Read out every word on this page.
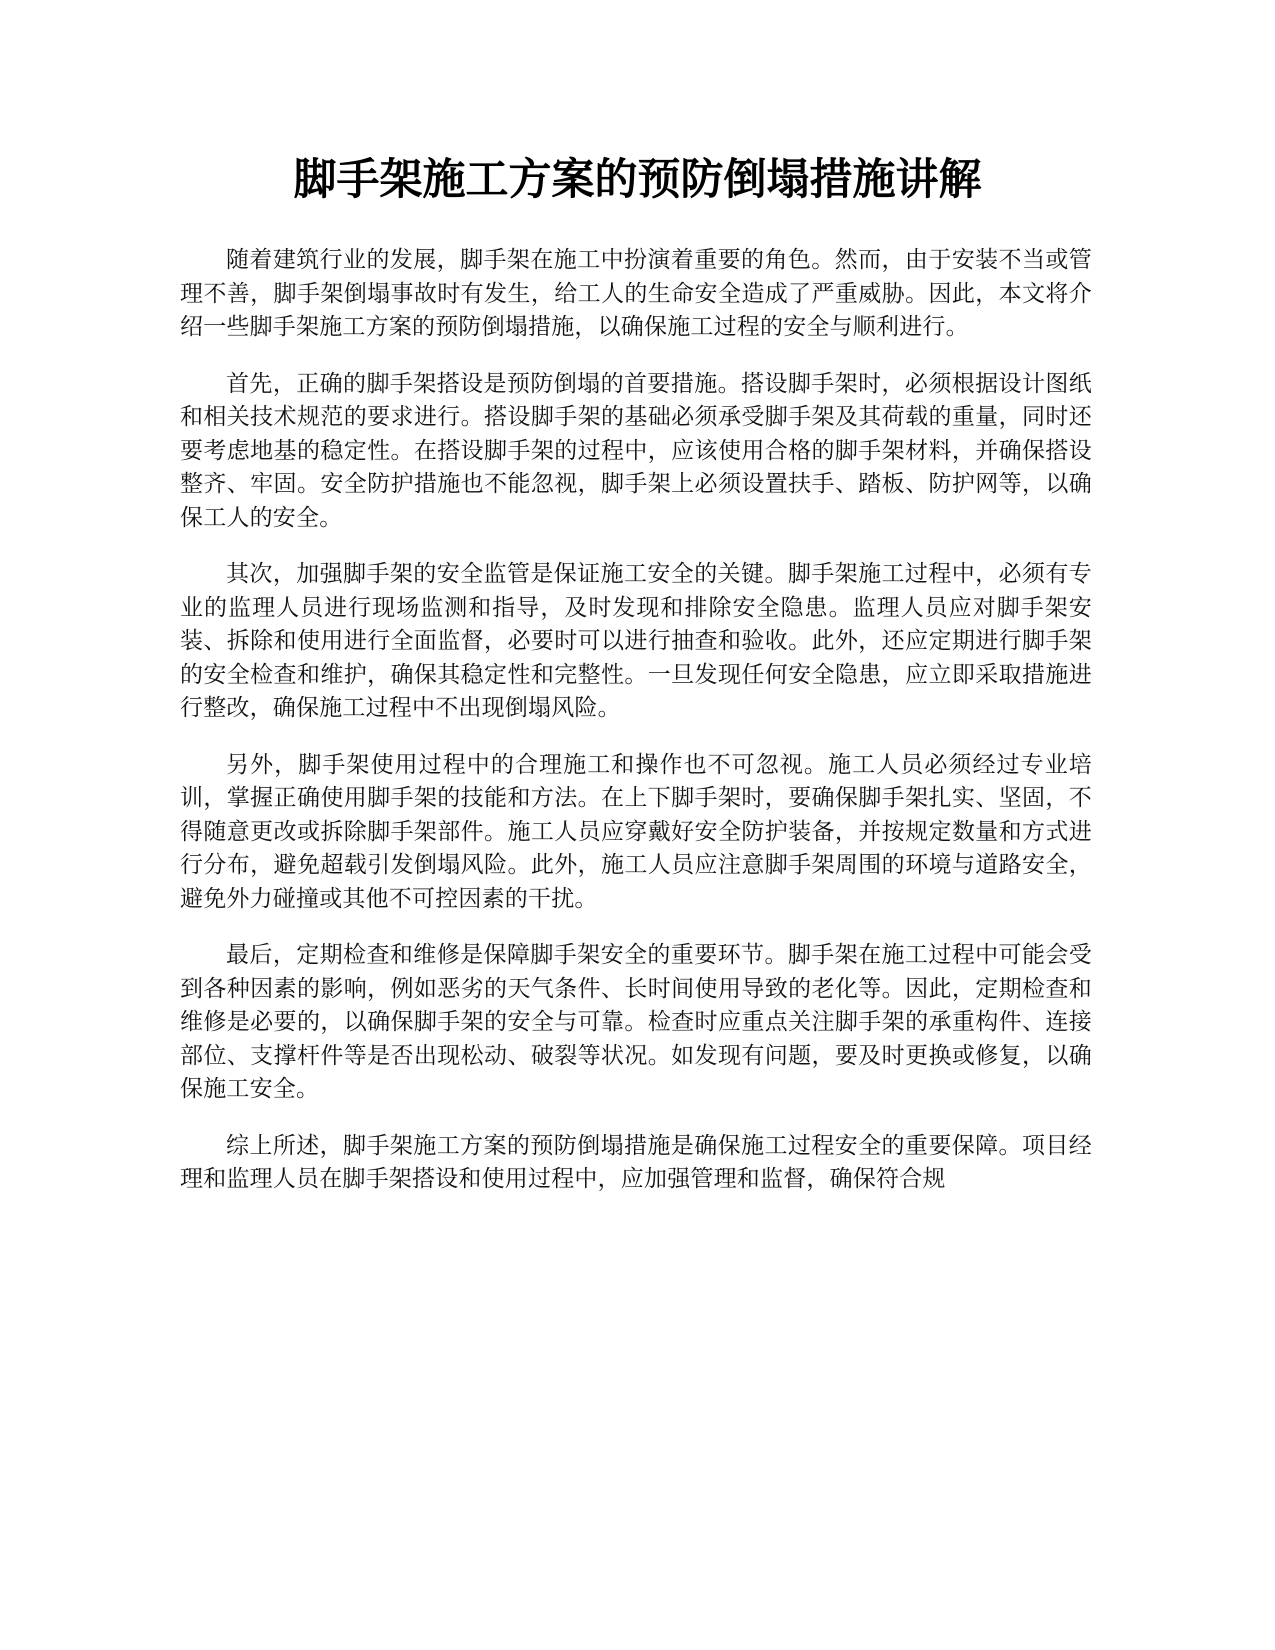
脚手架施工方案的预防倒塌措施讲解

随着建筑行业的发展，脚手架在施工中扮演着重要的角色。然而，由于安装不当或管理不善，脚手架倒塌事故时有发生，给工人的生命安全造成了严重威胁。因此，本文将介绍一些脚手架施工方案的预防倒塌措施，以确保施工过程的安全与顺利进行。

首先，正确的脚手架搭设是预防倒塌的首要措施。搭设脚手架时，必须根据设计图纸和相关技术规范的要求进行。搭设脚手架的基础必须承受脚手架及其荷载的重量，同时还要考虑地基的稳定性。在搭设脚手架的过程中，应该使用合格的脚手架材料，并确保搭设整齐、牢固。安全防护措施也不能忽视，脚手架上必须设置扶手、踏板、防护网等，以确保工人的安全。

其次，加强脚手架的安全监管是保证施工安全的关键。脚手架施工过程中，必须有专业的监理人员进行现场监测和指导，及时发现和排除安全隐患。监理人员应对脚手架安装、拆除和使用进行全面监督，必要时可以进行抽查和验收。此外，还应定期进行脚手架的安全检查和维护，确保其稳定性和完整性。一旦发现任何安全隐患，应立即采取措施进行整改，确保施工过程中不出现倒塌风险。

另外，脚手架使用过程中的合理施工和操作也不可忽视。施工人员必须经过专业培训，掌握正确使用脚手架的技能和方法。在上下脚手架时，要确保脚手架扎实、坚固，不得随意更改或拆除脚手架部件。施工人员应穿戴好安全防护装备，并按规定数量和方式进行分布，避免超载引发倒塌风险。此外，施工人员应注意脚手架周围的环境与道路安全，避免外力碰撞或其他不可控因素的干扰。

最后，定期检查和维修是保障脚手架安全的重要环节。脚手架在施工过程中可能会受到各种因素的影响，例如恶劣的天气条件、长时间使用导致的老化等。因此，定期检查和维修是必要的，以确保脚手架的安全与可靠。检查时应重点关注脚手架的承重构件、连接部位、支撑杆件等是否出现松动、破裂等状况。如发现有问题，要及时更换或修复，以确保施工安全。

综上所述，脚手架施工方案的预防倒塌措施是确保施工过程安全的重要保障。项目经理和监理人员在脚手架搭设和使用过程中，应加强管理和监督，确保符合规
